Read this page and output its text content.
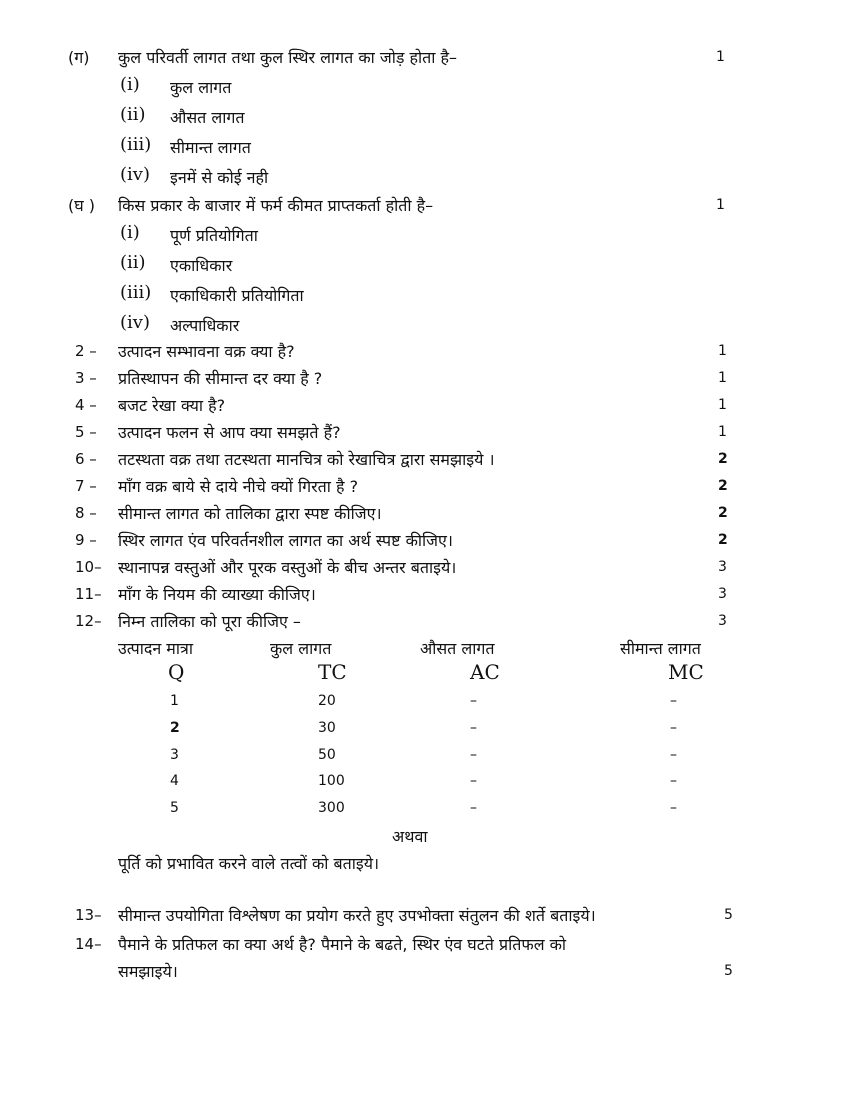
(ग) कुल परिवर्ती लागत तथा कुल स्थिर लागत का जोड़ होता है–	1
(i) कुल लागत
(ii) औसत लागत
(iii) सीमान्त लागत
(iv) इनमें से कोई नही
(घ ) किस प्रकार के बाजार में फर्म कीमत प्राप्तकर्ता होती है–	1
(i) पूर्ण प्रतियोगिता
(ii) एकाधिकार
(iii) एकाधिकारी प्रतियोगिता
(iv) अल्पाधिकार
2 – उत्पादन सम्भावना वक्र क्या है?	1
3 – प्रतिस्थापन की सीमान्त दर क्या है ?	1
4 – बजट रेखा क्या है?	1
5 – उत्पादन फलन से आप क्या समझते हैं?	1
6 – तटस्थता वक्र तथा तटस्थता मानचित्र को रेखाचित्र द्वारा समझाइये ।	2
7 – माँग वक्र बाये से दाये नीचे क्यों गिरता है ?	2
8 – सीमान्त लागत को तालिका द्वारा स्पष्ट कीजिए।	2
9 – स्थिर लागत एंव परिवर्तनशील लागत का अर्थ स्पष्ट कीजिए।	2
10– स्थानापन्न वस्तुओं और पूरक वस्तुओं के बीच अन्तर बताइये।	3
11– माँग के नियम की व्याख्या कीजिए।	3
12– निम्न तालिका को पूरा कीजिए –	3
उत्पादन मात्रा	कुल लागत	औसत लागत	सीमान्त लागत
Q	TC	AC	MC
1	20	–	–
2	30	–	–
3	50	–	–
4	100	–	–
5	300	–	–
अथवा
पूर्ति को प्रभावित करने वाले तत्वों को बताइये।
13– सीमान्त उपयोगिता विश्लेषण का प्रयोग करते हुए उपभोक्ता संतुलन की शर्ते बताइये।	5
14– पैमाने के प्रतिफल का क्या अर्थ है? पैमाने के बढते, स्थिर एंव घटते प्रतिफल को
समझाइये।	5
